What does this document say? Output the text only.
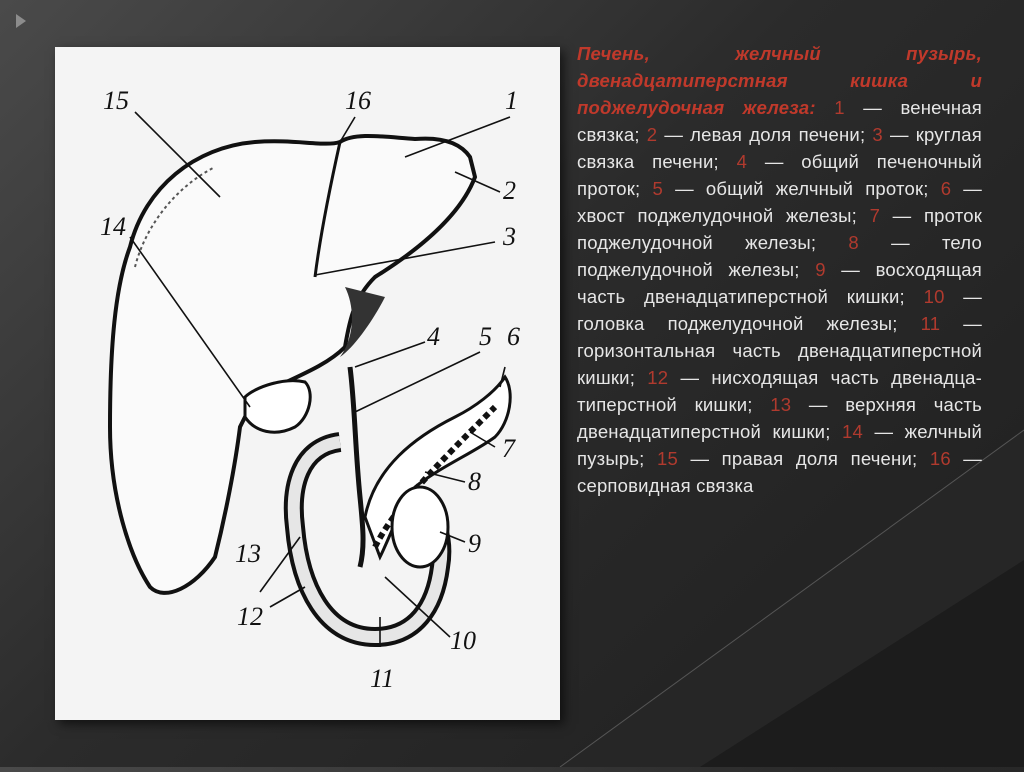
15	16	1
2
3
14
4 5 6
7
8
9
13
12
10
11
Печень, желчный пузырь, двенадцатиперстная кишка и поджелудочная железа: 1 — венечная связка; 2 — левая доля печени; 3 — круглая связка печени; 4 — общий печеночный проток; 5 — общий желчный проток; 6 — хвост поджелудочной железы; 7 — проток поджелудочной железы; 8 — тело поджелудочной железы; 9 — восходящая часть двенадцатиперстной кишки; 10 — головка поджелудочной железы; 11 — горизонтальная часть двенадцатиперстной кишки; 12 — нисходящая часть двенадца-типерстной кишки; 13 — верхняя часть двенадцатиперстной кишки; 14 — желчный пузырь; 15 — правая доля печени; 16 — серповидная связка
